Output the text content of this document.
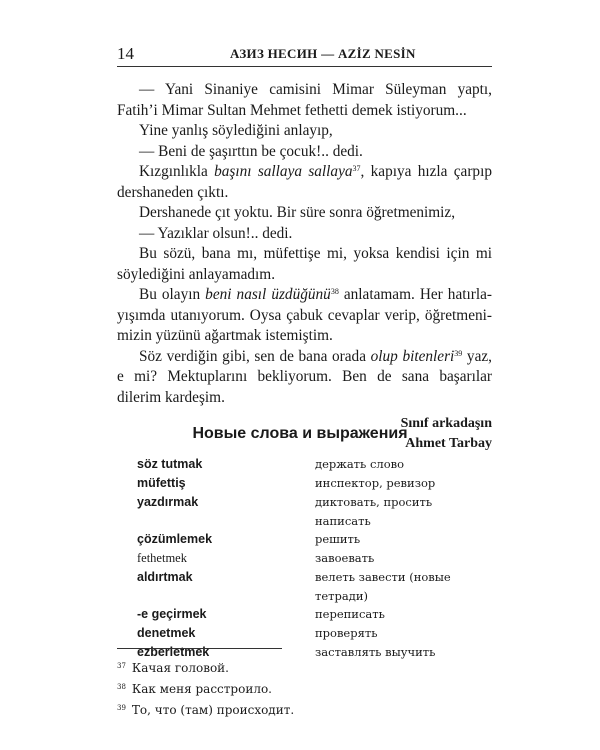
14	АЗИЗ НЕСИН — AZİZ NESİN

— Yani Sinaniye camisini Mimar Süleyman yaptı, Fatih’i Mimar Sultan Mehmet fethetti demek istiyorum...

Yine yanlış söylediğini anlayıp,

— Beni de şaşırttın be çocuk!.. dedi.

Kızgınlıkla başını sallaya sallaya$^{37}$, kapıya hızla çarpıp dershaneden çıktı.

Dershanede çıt yoktu. Bir süre sonra öğretmenimiz,

— Yazıklar olsun!.. dedi.

Bu sözü, bana mı, müfettişe mi, yoksa kendisi için mi söylediğini anlayamadım.

Bu olayın beni nasıl üzdüğünü$^{38}$ anlatamam. Her hatırlayışımda utanıyorum. Oysa çabuk cevaplar verip, öğretmenimizin yüzünü ağartmak istemiştim.

Söz verdiğin gibi, sen de bana orada olup bitenleri$^{39}$ yaz, e mi? Mektuplarını bekliyorum. Ben de sana başarılar dilerim kardeşim.

Sınıf arkadaşın

Ahmet Tarbay

Новые слова и выражения
söz tutmak	держать слово
müfettiş	инспектор, ревизор
yazdırmak	диктовать, просить написать
çözümlemek	решить
fethetmek	завоевать
aldırtmak	велеть завести (новые тетради)
-e geçirmek	переписать
denetmek	проверять
ezberletmek	заставлять выучить
$^{37}$ Качая головой.
$^{38}$ Как меня расстроило.
$^{39}$ То, что (там) происходит.
